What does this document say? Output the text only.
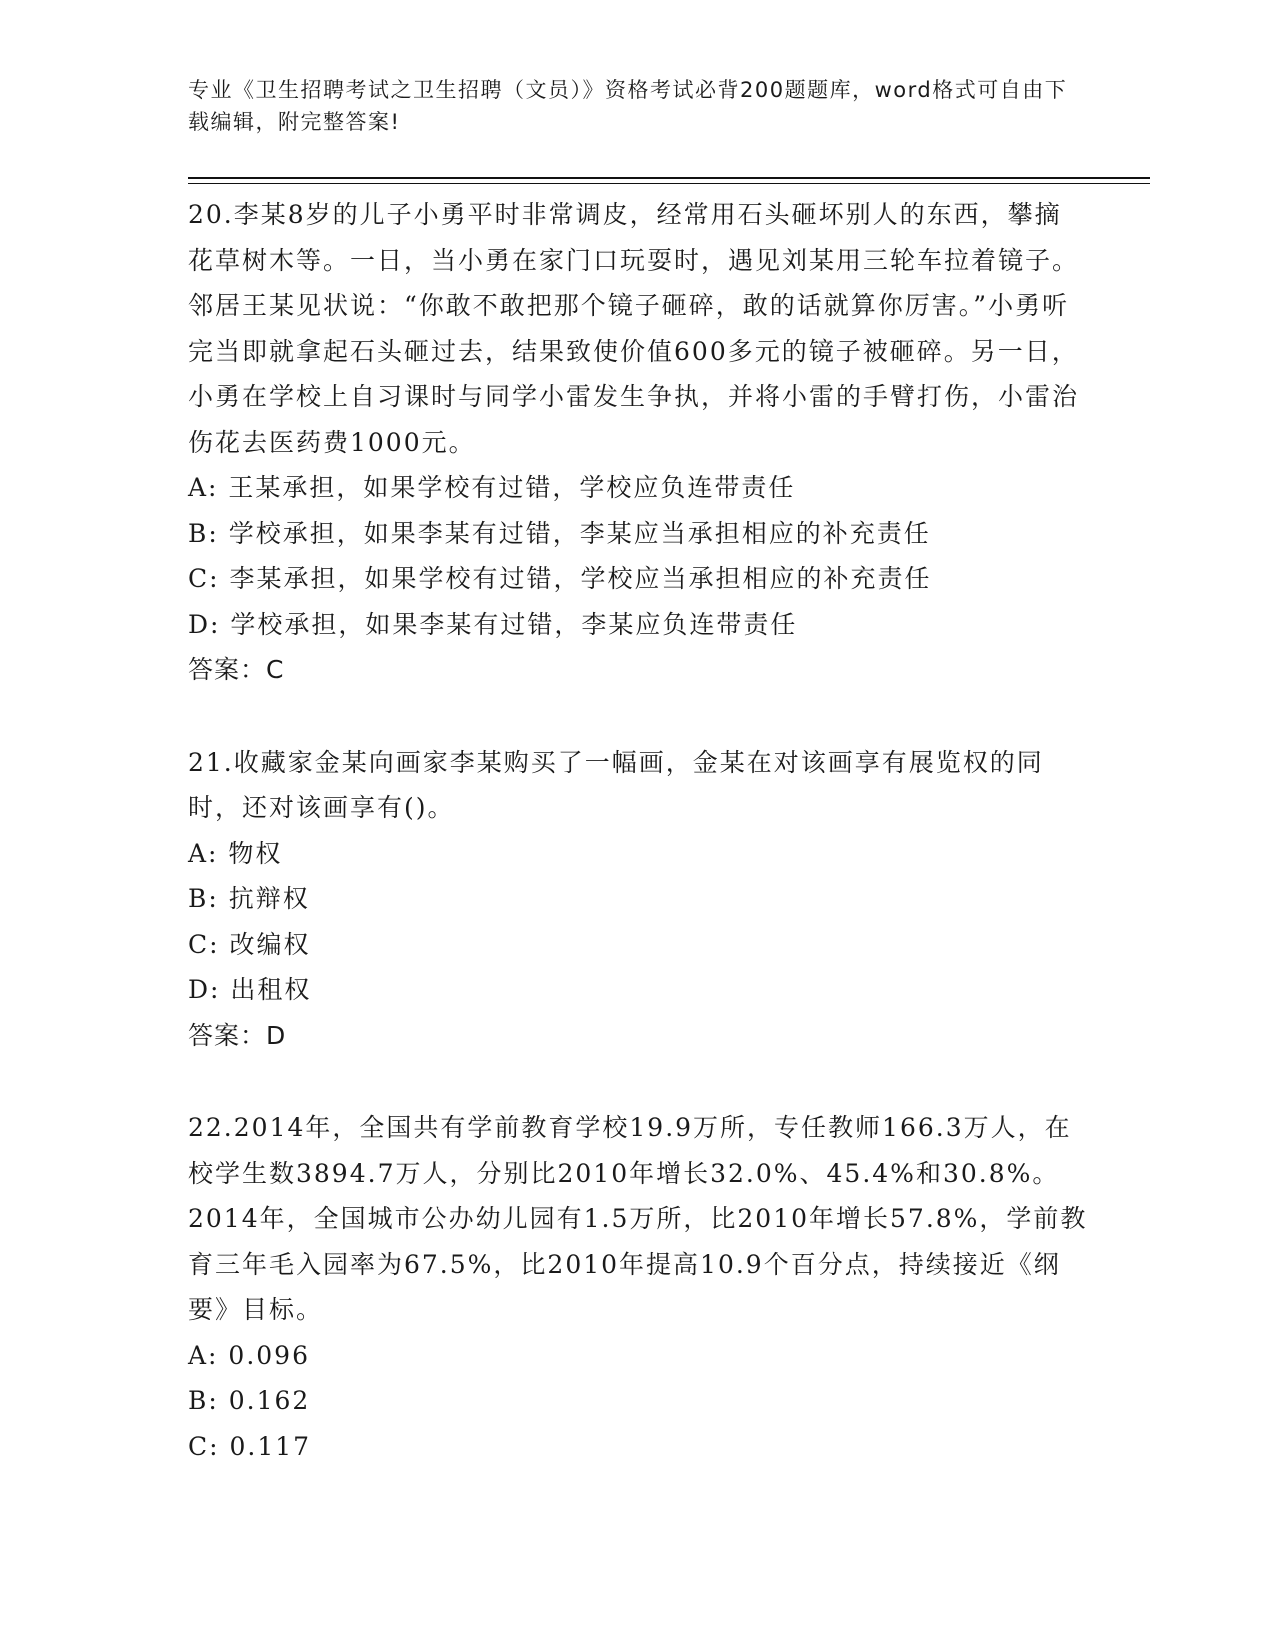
专业《卫生招聘考试之卫生招聘（文员）》资格考试必背200题题库，word格式可自由下载编辑，附完整答案!

20.李某8岁的儿子小勇平时非常调皮，经常用石头砸坏别人的东西，攀摘花草树木等。一日，当小勇在家门口玩耍时，遇见刘某用三轮车拉着镜子。邻居王某见状说：“你敢不敢把那个镜子砸碎，敢的话就算你厉害。”小勇听完当即就拿起石头砸过去，结果致使价值600多元的镜子被砸碎。另一日，小勇在学校上自习课时与同学小雷发生争执，并将小雷的手臂打伤，小雷治伤花去医药费1000元。

A: 王某承担，如果学校有过错，学校应负连带责任

B: 学校承担，如果李某有过错，李某应当承担相应的补充责任

C: 李某承担，如果学校有过错，学校应当承担相应的补充责任

D: 学校承担，如果李某有过错，李某应负连带责任

答案：C

21.收藏家金某向画家李某购买了一幅画，金某在对该画享有展览权的同时，还对该画享有()。

A: 物权

B: 抗辩权

C: 改编权

D: 出租权

答案：D

22.2014年，全国共有学前教育学校19.9万所，专任教师166.3万人，在校学生数3894.7万人，分别比2010年增长32.0%、45.4%和30.8%。2014年，全国城市公办幼儿园有1.5万所，比2010年增长57.8%，学前教育三年毛入园率为67.5%，比2010年提高10.9个百分点，持续接近《纲要》目标。

A: 0.096

B: 0.162

C: 0.117
